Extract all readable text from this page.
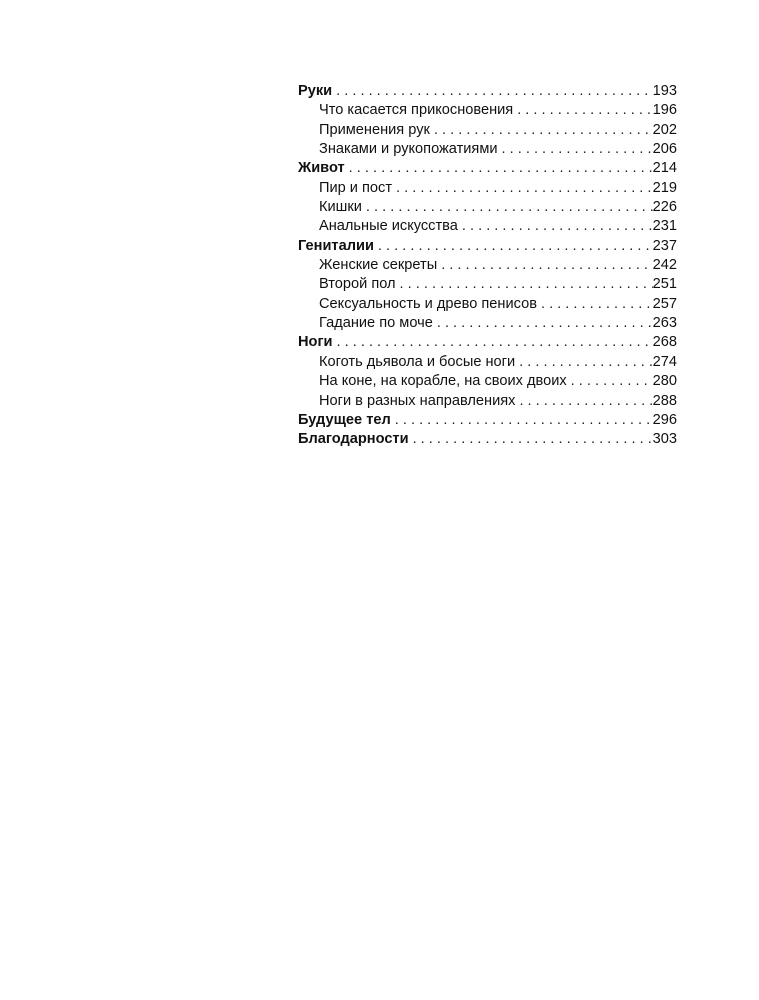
Руки . . .	193
Что касается прикосновения . . .	196
Применения рук . . .	202
Знаками и рукопожатиями . . .	206
Живот . . .	214
Пир и пост . . .	219
Кишки . . .	226
Анальные искусства . . .	231
Гениталии . . .	237
Женские секреты . . .	242
Второй пол . . .	251
Сексуальность и древо пенисов . . .	257
Гадание по моче . . .	263
Ноги . . .	268
Коготь дьявола и босые ноги . . .	274
На коне, на корабле, на своих двоих . . .	280
Ноги в разных направлениях . . .	288
Будущее тел . . .	296
Благодарности . . .	303
